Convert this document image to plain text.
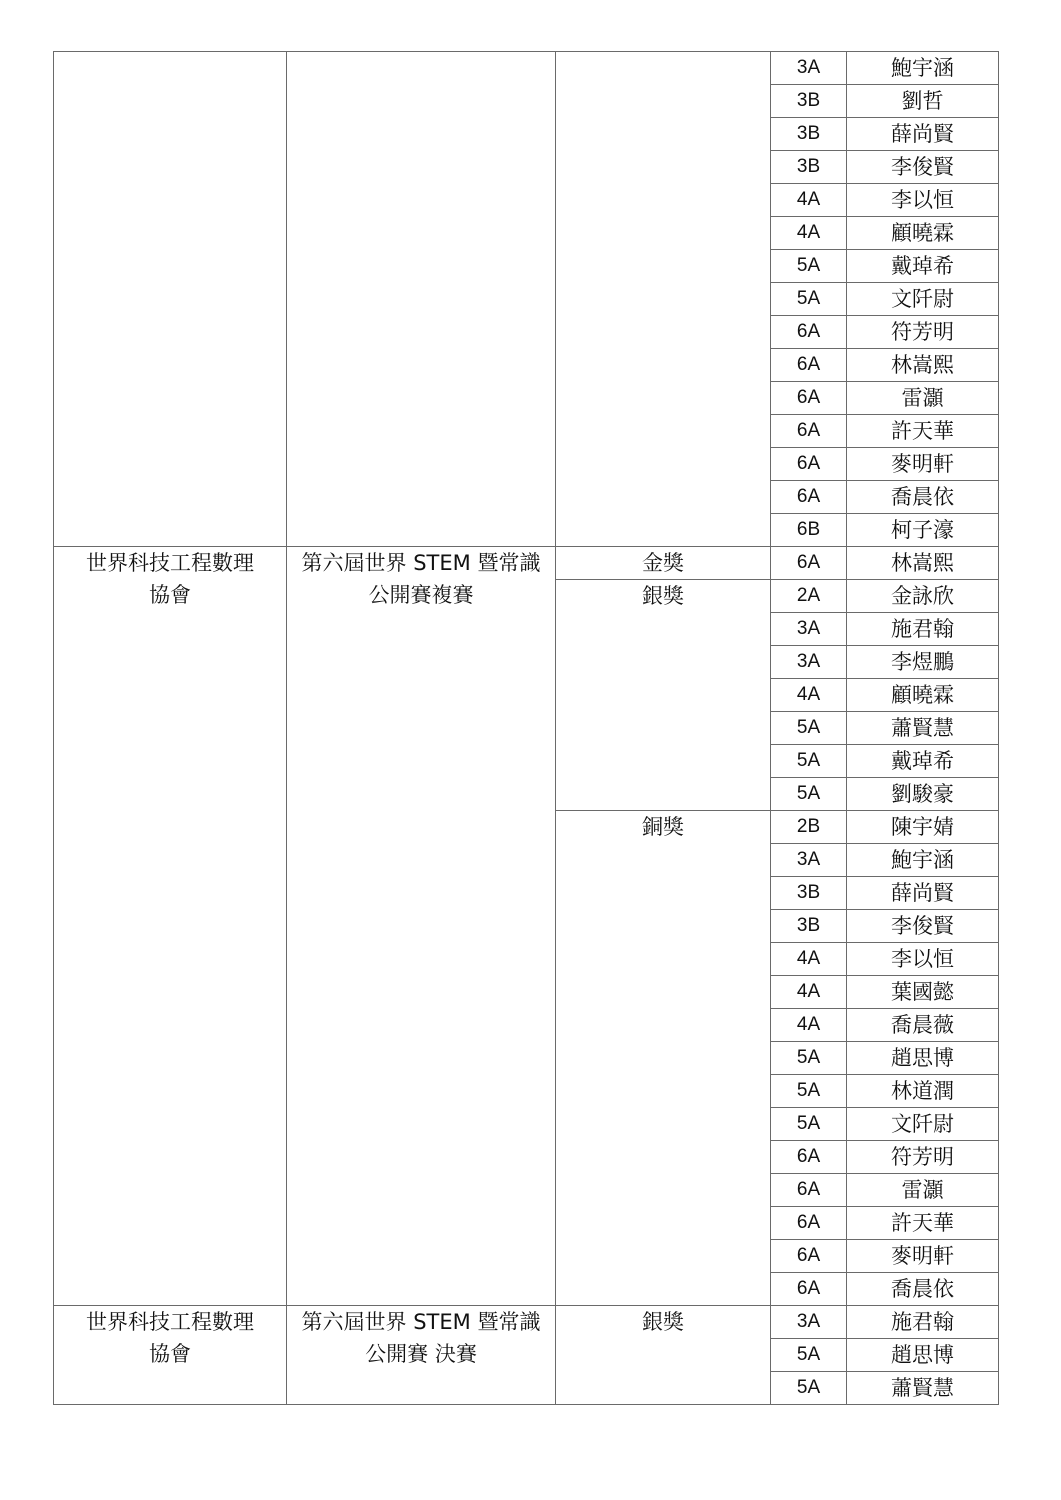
			3A	鮑宇涵
			3B	劉哲
			3B	薛尚賢
			3B	李俊賢
			4A	李以恒
			4A	顧曉霖
			5A	戴琸希
			5A	文阡尉
			6A	符芳明
			6A	林嵩熙
			6A	雷灝
			6A	許天華
			6A	麥明軒
			6A	喬晨依
			6B	柯子濠
世界科技工程數理協會	第六屆世界 STEM 暨常識公開賽複賽	金獎	6A	林嵩熙
		銀獎	2A	金詠欣
			3A	施君翰
			3A	李煜鵬
			4A	顧曉霖
			5A	蕭賢慧
			5A	戴琸希
			5A	劉駿豪
		銅獎	2B	陳宇婧
			3A	鮑宇涵
			3B	薛尚賢
			3B	李俊賢
			4A	李以恒
			4A	葉國懿
			4A	喬晨薇
			5A	趙思博
			5A	林道潤
			5A	文阡尉
			6A	符芳明
			6A	雷灝
			6A	許天華
			6A	麥明軒
			6A	喬晨依
世界科技工程數理協會	第六屆世界 STEM 暨常識公開賽 決賽	銀獎	3A	施君翰
			5A	趙思博
			5A	蕭賢慧
